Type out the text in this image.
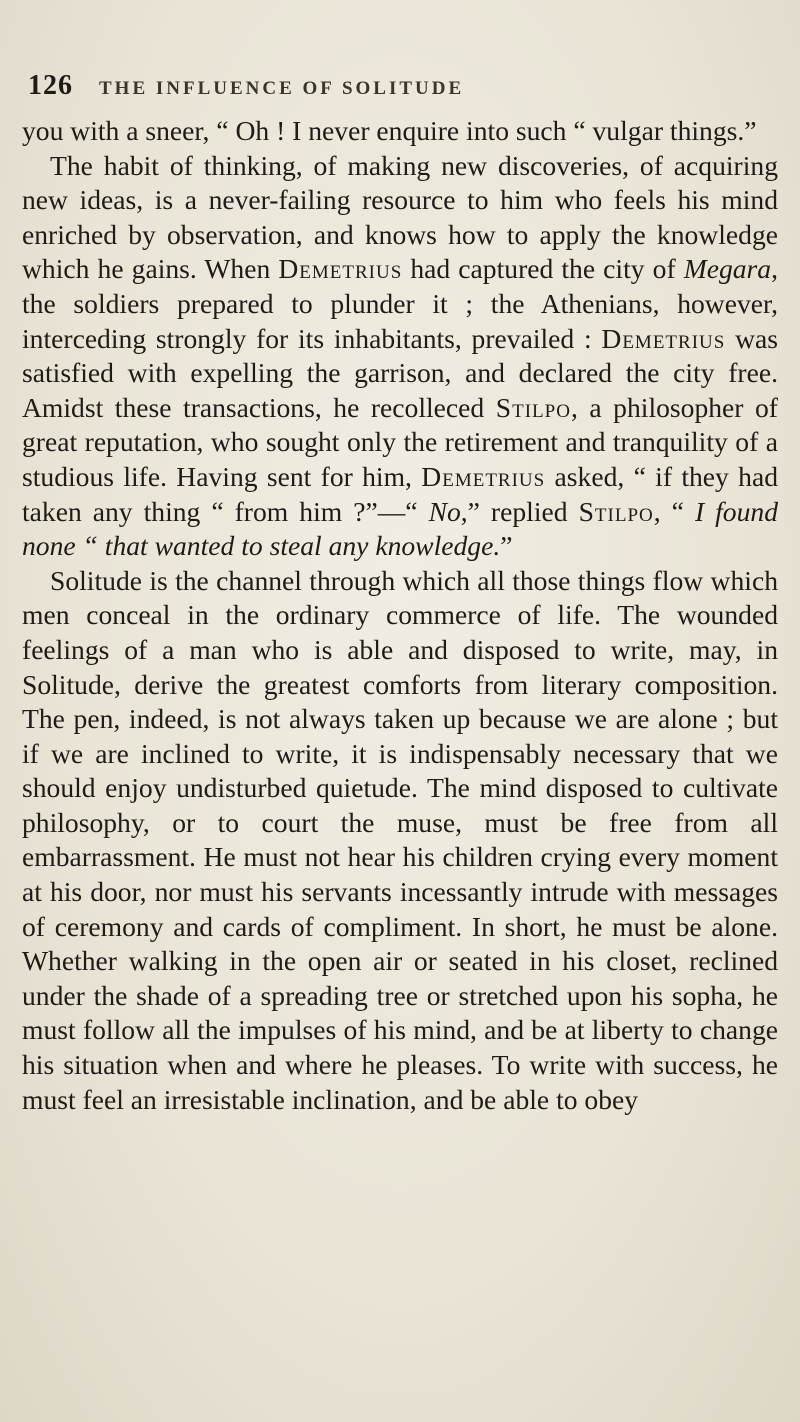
126 THE INFLUENCE OF SOLITUDE

you with a sneer, “ Oh ! I never enquire into such “ vulgar things.”

The habit of thinking, of making new discoveries, of acquiring new ideas, is a never-failing resource to him who feels his mind enriched by observation, and knows how to apply the knowledge which he gains. When Demetrius had captured the city of Megara, the soldiers prepared to plunder it ; the Athenians, however, interceding strongly for its inhabitants, prevailed : Demetrius was satisfied with expelling the garrison, and declared the city free. Amidst these transactions, he recolleced Stilpo, a philosopher of great reputation, who sought only the retirement and tranquility of a studious life. Having sent for him, Demetrius asked, “ if they had taken any thing “ from him ?”—“ No,” replied Stilpo, “ I found none “ that wanted to steal any knowledge.”

Solitude is the channel through which all those things flow which men conceal in the ordinary commerce of life. The wounded feelings of a man who is able and disposed to write, may, in Solitude, derive the greatest comforts from literary composition. The pen, indeed, is not always taken up because we are alone ; but if we are inclined to write, it is indispensably necessary that we should enjoy undisturbed quietude. The mind disposed to cultivate philosophy, or to court the muse, must be free from all embarrassment. He must not hear his children crying every moment at his door, nor must his servants incessantly intrude with messages of ceremony and cards of compliment. In short, he must be alone. Whether walking in the open air or seated in his closet, reclined under the shade of a spreading tree or stretched upon his sopha, he must follow all the impulses of his mind, and be at liberty to change his situation when and where he pleases. To write with success, he must feel an irresistable inclination, and be able to obey
